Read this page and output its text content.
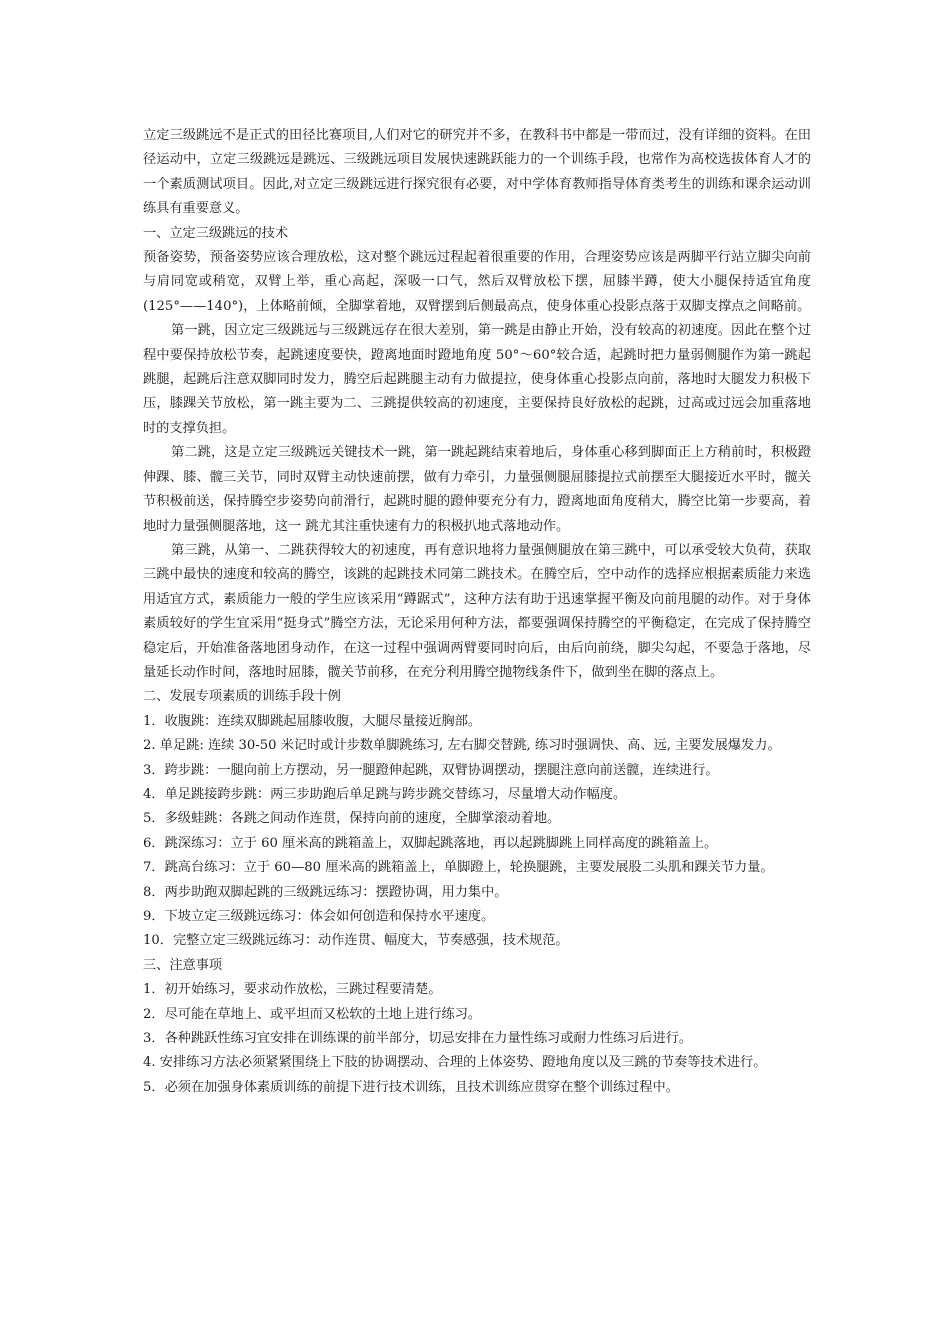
立定三级跳远不是正式的田径比赛项目,人们对它的研究并不多，在教科书中都是一带而过，没有详细的资料。在田径运动中，立定三级跳远是跳远、三级跳远项目发展快速跳跃能力的一个训练手段，也常作为高校选拔体育人才的一个素质测试项目。因此,对立定三级跳远进行探究很有必要，对中学体育教师指导体育类考生的训练和课余运动训练具有重要意义。

一、立定三级跳远的技术

预备姿势，预备姿势应该合理放松，这对整个跳远过程起着很重要的作用，合理姿势应该是两脚平行站立脚尖向前与肩同宽或稍宽，双臂上举，重心高起，深吸一口气，然后双臂放松下摆，屈膝半蹲，使大小腿保持适宜角度(125°——140°)，上体略前倾，全脚掌着地，双臂摆到后侧最高点，使身体重心投影点落于双脚支撑点之间略前。

第一跳，因立定三级跳远与三级跳远存在很大差别，第一跳是由静止开始，没有较高的初速度。因此在整个过程中要保持放松节奏，起跳速度要快，蹬离地面时蹬地角度 50°～60°较合适，起跳时把力量弱侧腿作为第一跳起跳腿，起跳后注意双脚同时发力，腾空后起跳腿主动有力做提拉，使身体重心投影点向前，落地时大腿发力积极下压，膝踝关节放松，第一跳主要为二、三跳提供较高的初速度，主要保持良好放松的起跳，过高或过远会加重落地时的支撑负担。

第二跳，这是立定三级跳远关键技术一跳，第一跳起跳结束着地后，身体重心移到脚面正上方稍前时，积极蹬伸踝、膝、髋三关节，同时双臂主动快速前摆，做有力牵引，力量强侧腿屈膝提拉式前摆至大腿接近水平时，髋关节积极前送，保持腾空步姿势向前滑行，起跳时腿的蹬伸要充分有力，蹬离地面角度稍大，腾空比第一步要高，着地时力量强侧腿落地，这一 跳尤其注重快速有力的积极扒地式落地动作。

第三跳，从第一、二跳获得较大的初速度，再有意识地将力量强侧腿放在第三跳中，可以承受较大负荷，获取三跳中最快的速度和较高的腾空，该跳的起跳技术同第二跳技术。在腾空后，空中动作的选择应根据素质能力来选用适宜方式，素质能力一般的学生应该采用“蹲踞式”，这种方法有助于迅速掌握平衡及向前甩腿的动作。对于身体素质较好的学生宜采用“挺身式”腾空方法，无论采用何种方法，都要强调保持腾空的平衡稳定，在完成了保持腾空稳定后，开始准备落地团身动作，在这一过程中强调两臂要同时向后，由后向前绕，脚尖勾起，不要急于落地，尽量延长动作时间，落地时屈膝，髋关节前移，在充分利用腾空抛物线条件下，做到坐在脚的落点上。

二、发展专项素质的训练手段十例

1．收腹跳：连续双脚跳起屈膝收腹，大腿尽量接近胸部。

2. 单足跳: 连续 30-50 米记时或计步数单脚跳练习, 左右脚交替跳, 练习时强调快、高、远, 主要发展爆发力。

3．跨步跳：一腿向前上方摆动，另一腿蹬伸起跳，双臂协调摆动，摆腿注意向前送髋，连续进行。

4．单足跳接跨步跳：两三步助跑后单足跳与跨步跳交替练习，尽量增大动作幅度。

5．多级蛙跳：各跳之间动作连贯，保持向前的速度，全脚掌滚动着地。

6．跳深练习：立于 60 厘米高的跳箱盖上，双脚起跳落地，再以起跳脚跳上同样高度的跳箱盖上。

7．跳高台练习：立于 60—80 厘米高的跳箱盖上，单脚蹬上，轮换腿跳，主要发展股二头肌和踝关节力量。

8．两步助跑双脚起跳的三级跳远练习：摆蹬协调，用力集中。

9．下坡立定三级跳远练习：体会如何创造和保持水平速度。

10．完整立定三级跳远练习：动作连贯、幅度大，节奏感强，技术规范。

三、注意事项

1．初开始练习，要求动作放松，三跳过程要清楚。

2．尽可能在草地上、或平坦而又松软的土地上进行练习。

3．各种跳跃性练习宜安排在训练课的前半部分，切忌安排在力量性练习或耐力性练习后进行。

4. 安排练习方法必须紧紧围绕上下肢的协调摆动、合理的上体姿势、蹬地角度以及三跳的节奏等技术进行。

5．必须在加强身体素质训练的前提下进行技术训练，且技术训练应贯穿在整个训练过程中。
